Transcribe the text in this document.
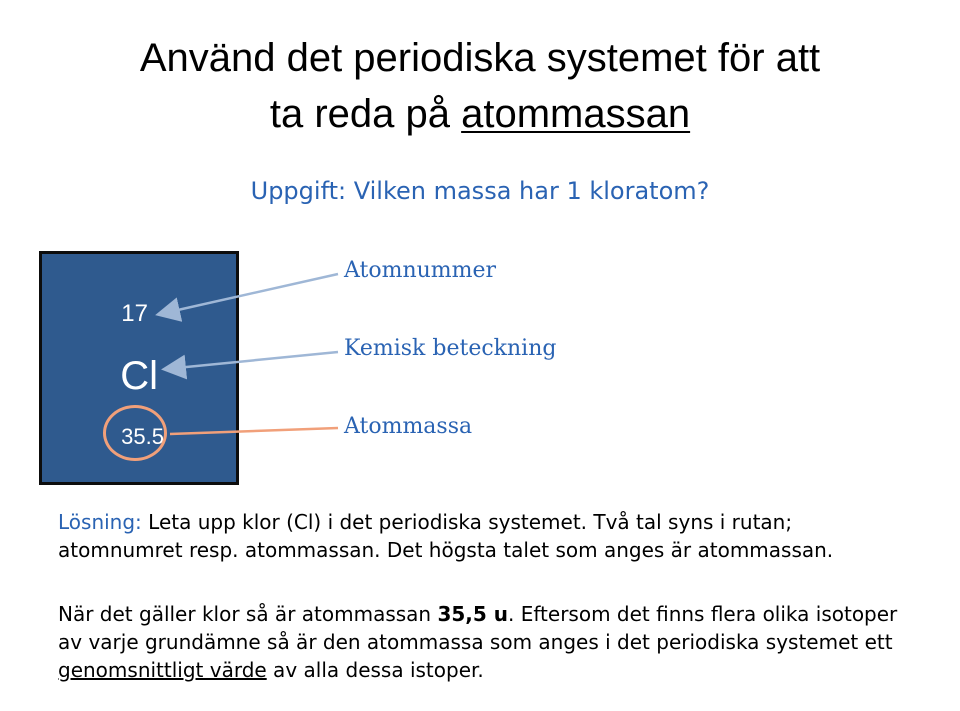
Använd det periodiska systemet för att
ta reda på atommassan
Uppgift: Vilken massa har 1 kloratom?
17
Cl
35.5
Atomnummer
Kemisk beteckning
Atommassa
Lösning: Leta upp klor (Cl) i det periodiska systemet. Två tal syns i rutan;
atomnumret resp. atommassan. Det högsta talet som anges är atommassan.
När det gäller klor så är atommassan 35,5 u. Eftersom det finns flera olika isotoper
av varje grundämne så är den atommassa som anges i det periodiska systemet ett
genomsnittligt värde av alla dessa istoper.
